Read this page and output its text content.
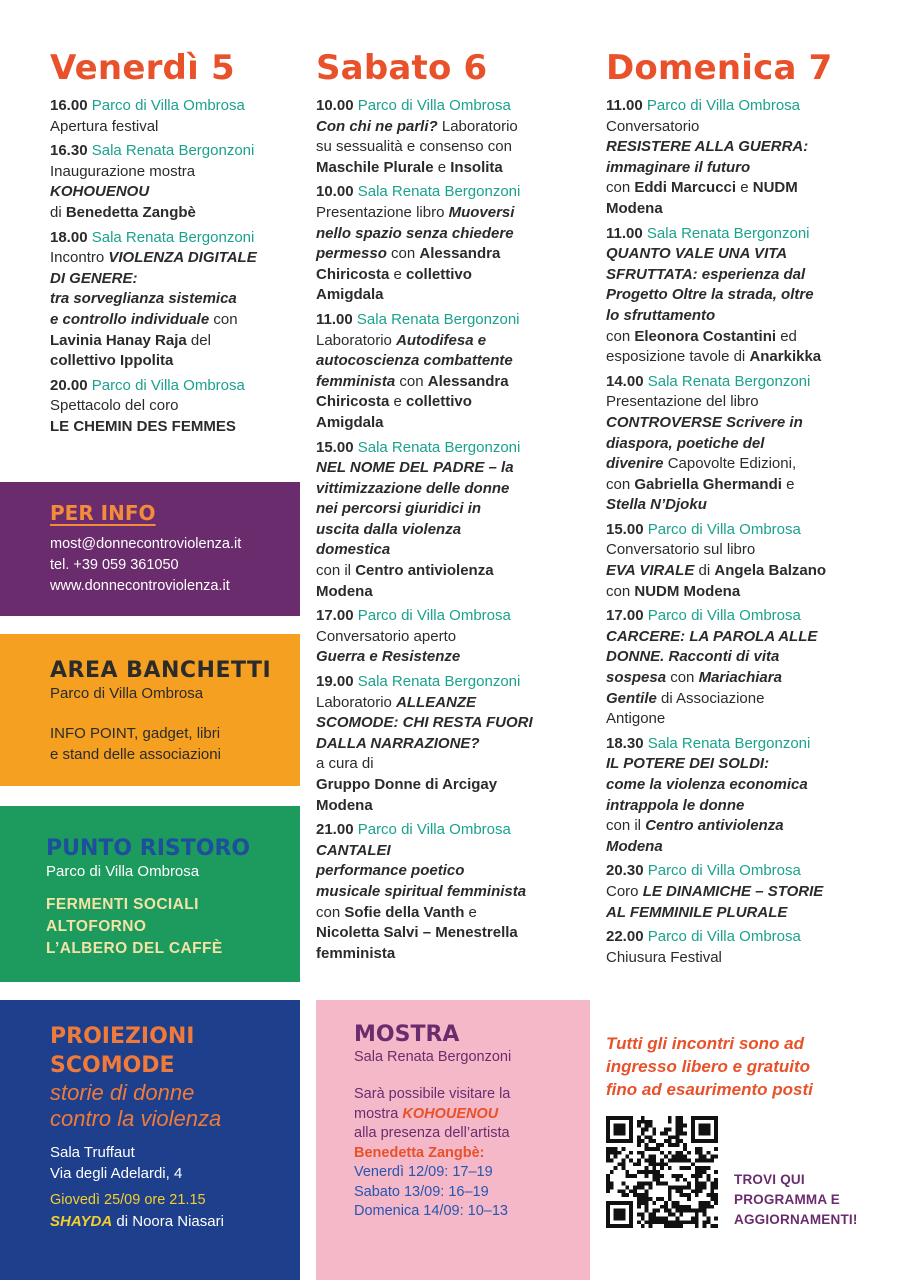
Venerdì 5
16.00 Parco di Villa Ombrosa
Apertura festival
16.30 Sala Renata Bergonzoni
Inaugurazione mostra
KOHOUENOU
di Benedetta Zangbè
18.00 Sala Renata Bergonzoni
Incontro VIOLENZA DIGITALE
DI GENERE:
tra sorveglianza sistemica
e controllo individuale con
Lavinia Hanay Raja del
collettivo Ippolita
20.00 Parco di Villa Ombrosa
Spettacolo del coro
LE CHEMIN DES FEMMES
Sabato 6
10.00 Parco di Villa Ombrosa
Con chi ne parli? Laboratorio
su sessualità e consenso con
Maschile Plurale e Insolita
10.00 Sala Renata Bergonzoni
Presentazione libro Muoversi
nello spazio senza chiedere
permesso con Alessandra
Chiricosta e collettivo
Amigdala
11.00 Sala Renata Bergonzoni
Laboratorio Autodifesa e
autocoscienza combattente
femminista con Alessandra
Chiricosta e collettivo
Amigdala
15.00 Sala Renata Bergonzoni
NEL NOME DEL PADRE – la
vittimizzazione delle donne
nei percorsi giuridici in
uscita dalla violenza
domestica
con il Centro antiviolenza
Modena
17.00 Parco di Villa Ombrosa
Conversatorio aperto
Guerra e Resistenze
19.00 Sala Renata Bergonzoni
Laboratorio ALLEANZE
SCOMODE: CHI RESTA FUORI
DALLA NARRAZIONE?
a cura di
Gruppo Donne di Arcigay
Modena
21.00 Parco di Villa Ombrosa
CANTALEI
performance poetico
musicale spiritual femminista
con Sofie della Vanth e
Nicoletta Salvi – Menestrella
femminista
Domenica 7
11.00 Parco di Villa Ombrosa
Conversatorio
RESISTERE ALLA GUERRA:
immaginare il futuro
con Eddi Marcucci e NUDM
Modena
11.00 Sala Renata Bergonzoni
QUANTO VALE UNA VITA
SFRUTTATA: esperienza dal
Progetto Oltre la strada, oltre
lo sfruttamento
con Eleonora Costantini ed
esposizione tavole di Anarkikka
14.00 Sala Renata Bergonzoni
Presentazione del libro
CONTROVERSE Scrivere in
diaspora, poetiche del
divenire Capovolte Edizioni,
con Gabriella Ghermandi e
Stella N’Djoku
15.00 Parco di Villa Ombrosa
Conversatorio sul libro
EVA VIRALE di Angela Balzano
con NUDM Modena
17.00 Parco di Villa Ombrosa
CARCERE: LA PAROLA ALLE
DONNE. Racconti di vita
sospesa con Mariachiara
Gentile di Associazione
Antigone
18.30 Sala Renata Bergonzoni
IL POTERE DEI SOLDI:
come la violenza economica
intrappola le donne
con il Centro antiviolenza
Modena
20.30 Parco di Villa Ombrosa
Coro LE DINAMICHE – STORIE
AL FEMMINILE PLURALE
22.00 Parco di Villa Ombrosa
Chiusura Festival
PER INFO
most@donnecontroviolenza.it
tel. +39 059 361050
www.donnecontroviolenza.it
AREA BANCHETTI
Parco di Villa Ombrosa
INFO POINT, gadget, libri
e stand delle associazioni
PUNTO RISTORO
Parco di Villa Ombrosa
FERMENTI SOCIALI
ALTOFORNO
L’ALBERO DEL CAFFÈ
PROIEZIONI
SCOMODE
storie di donne
contro la violenza
Sala Truffaut
Via degli Adelardi, 4
Giovedì 25/09 ore 21.15
SHAYDA di Noora Niasari
MOSTRA
Sala Renata Bergonzoni
Sarà possibile visitare la
mostra KOHOUENOU
alla presenza dell’artista
Benedetta Zangbè:
Venerdì 12/09: 17–19
Sabato 13/09: 16–19
Domenica 14/09: 10–13
Tutti gli incontri sono ad
ingresso libero e gratuito
fino ad esaurimento posti
TROVI QUI
PROGRAMMA E
AGGIORNAMENTI!
